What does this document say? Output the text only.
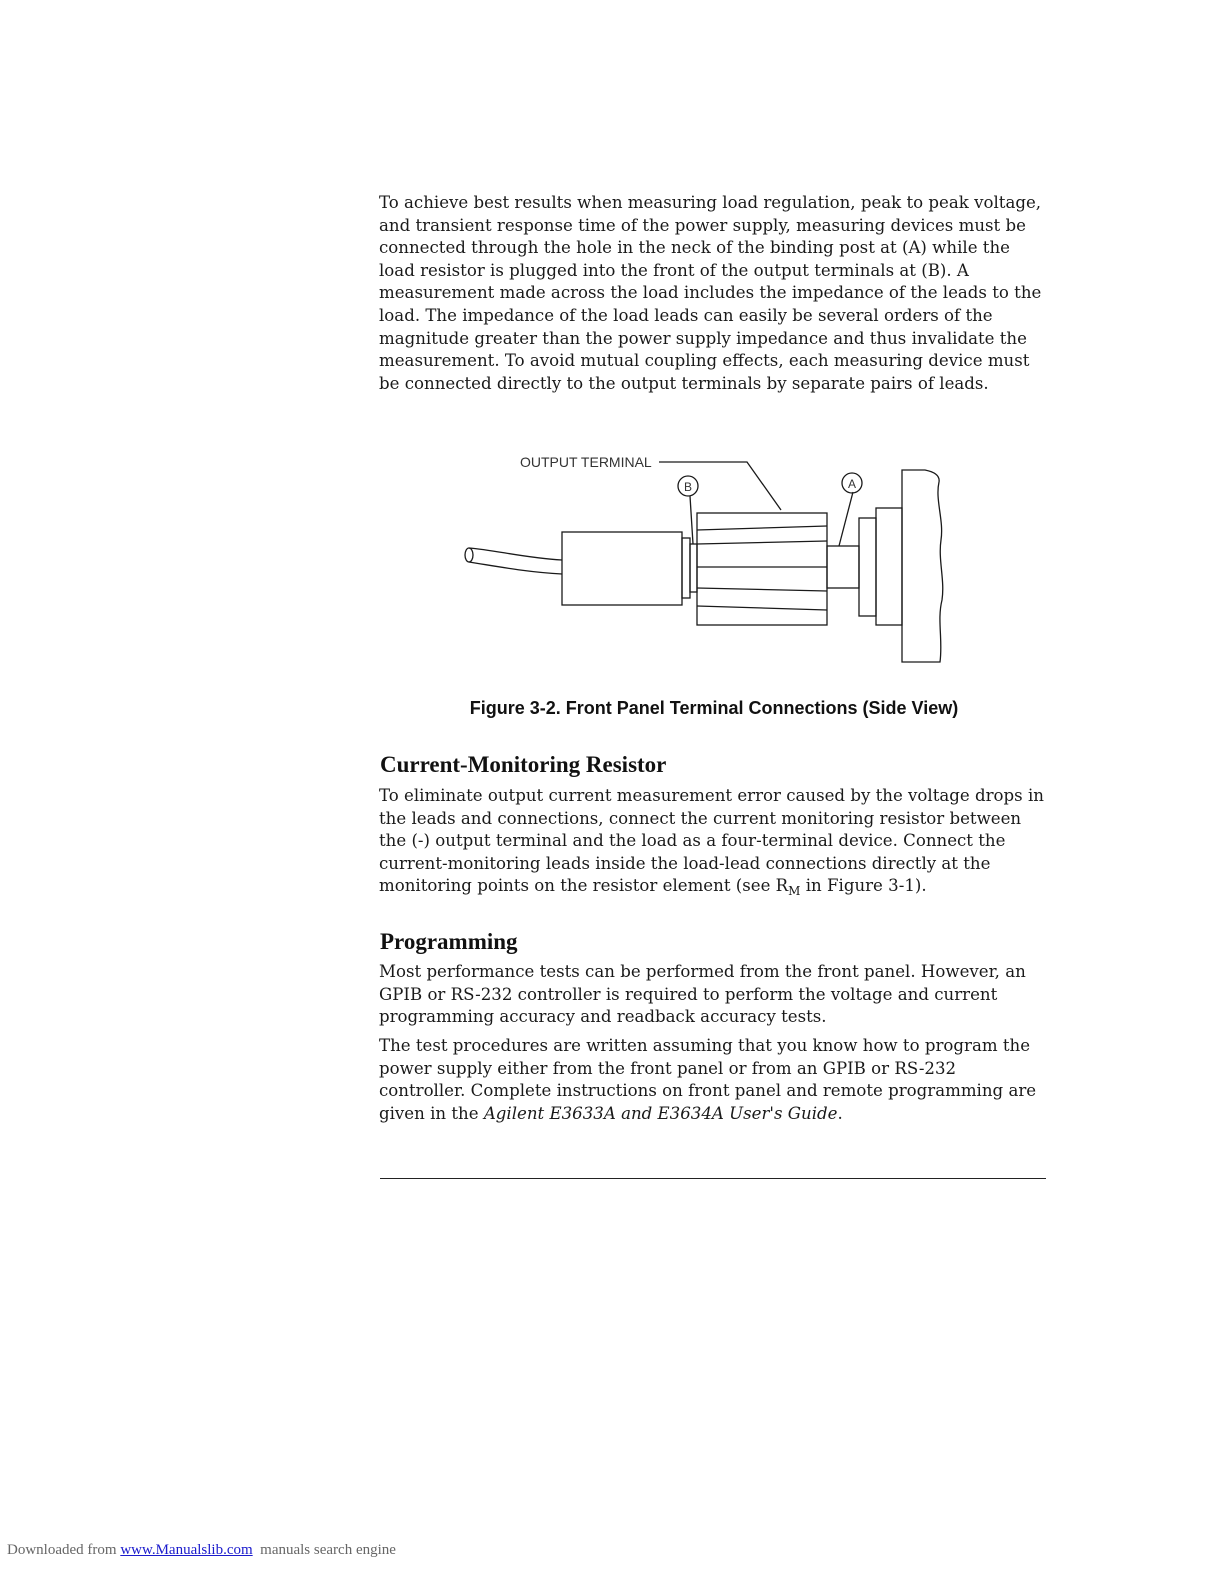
To achieve best results when measuring load regulation, peak to peak voltage, and transient response time of the power supply, measuring devices must be connected through the hole in the neck of the binding post at (A) while the load resistor is plugged into the front of the output terminals at (B). A measurement made across the load includes the impedance of the leads to the load. The impedance of the load leads can easily be several orders of the magnitude greater than the power supply impedance and thus invalidate the measurement. To avoid mutual coupling effects, each measuring device must be connected directly to the output terminals by separate pairs of leads.

OUTPUT TERMINAL
B	A

Figure 3-2. Front Panel Terminal Connections (Side View)

Current-Monitoring Resistor

To eliminate output current measurement error caused by the voltage drops in the leads and connections, connect the current monitoring resistor between the (-) output terminal and the load as a four-terminal device. Connect the current-monitoring leads inside the load-lead connections directly at the monitoring points on the resistor element (see $R_M$ in Figure 3-1).

Programming

Most performance tests can be performed from the front panel. However, an GPIB or RS-232 controller is required to perform the voltage and current programming accuracy and readback accuracy tests.

The test procedures are written assuming that you know how to program the power supply either from the front panel or from an GPIB or RS-232 controller. Complete instructions on front panel and remote programming are given in the Agilent E3633A and E3634A User's Guide.

Downloaded from www.Manualslib.com manuals search engine
